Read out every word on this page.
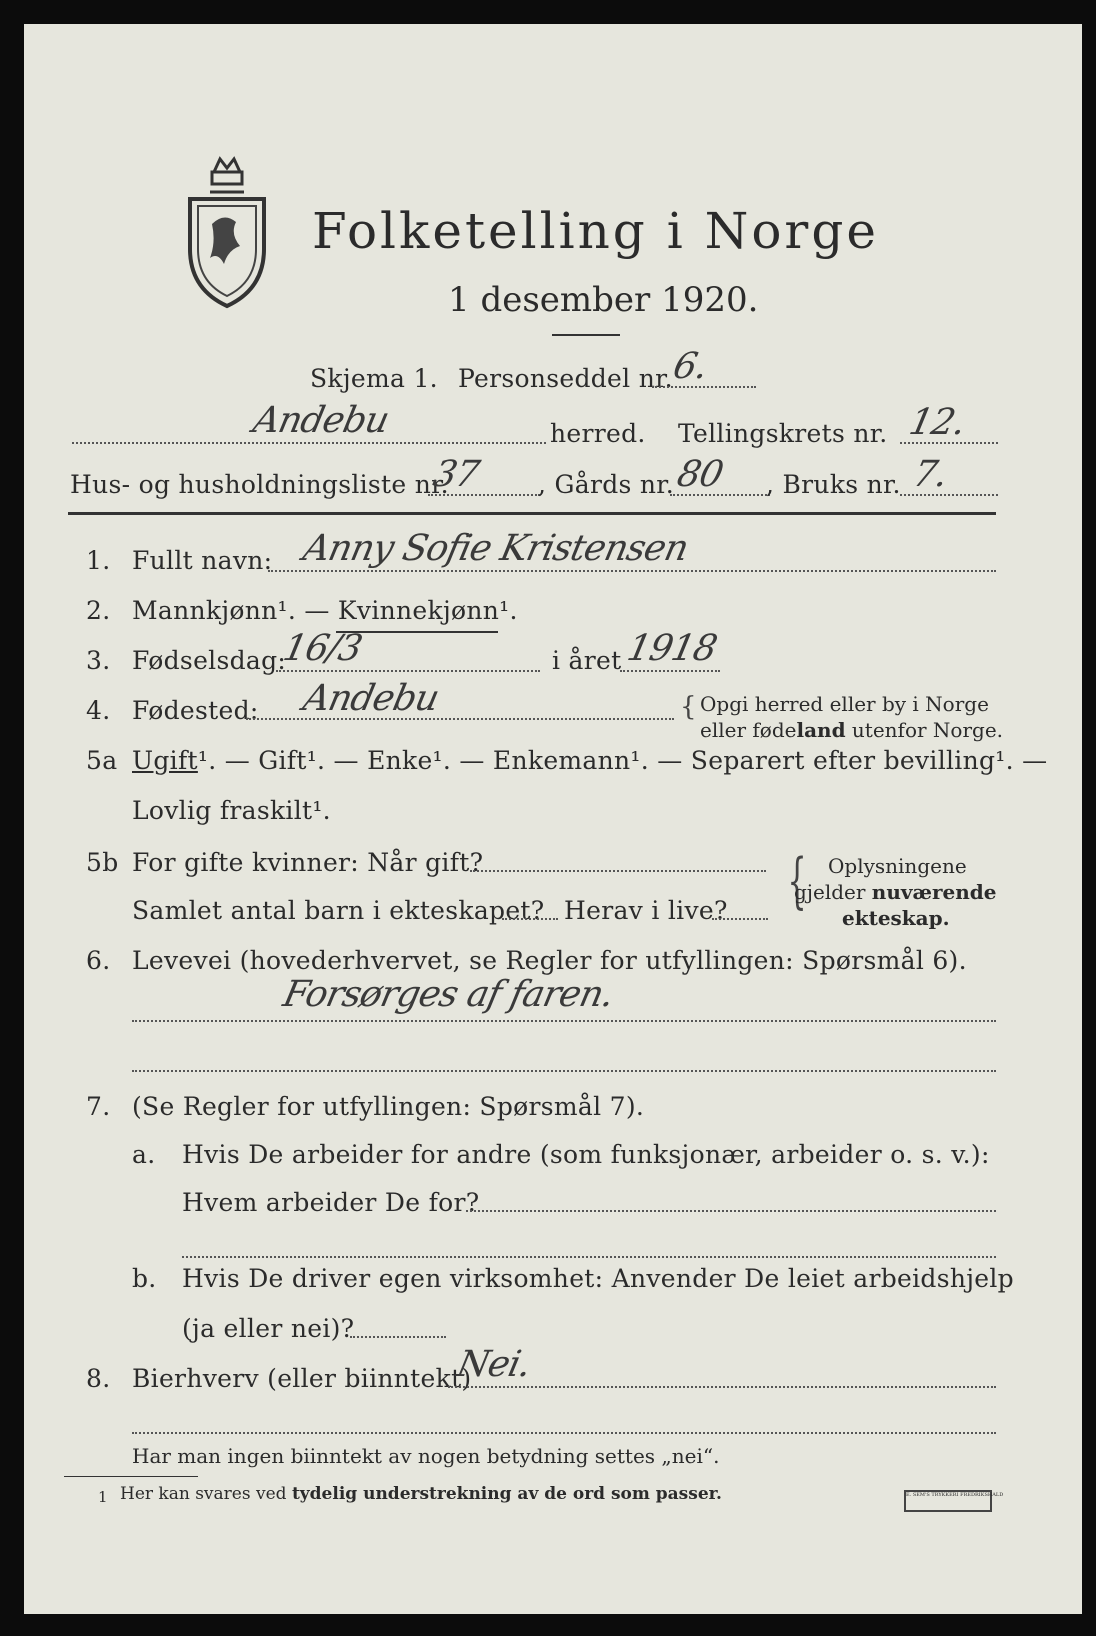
Folketelling i Norge
1 desember 1920.
Skjema 1. Personseddel nr.
6.
Andebu	herred. Tellingskrets nr. 12.
Hus- og husholdningsliste nr.
37 , Gårds nr. 80 , Bruks nr. 7.
1. Fullt navn: Anny Sofie Kristensen
2. Mannkjønn¹. — Kvinnekjønn¹.
3. Fødselsdag:
16/3	i året 1918
4. Fødested: Andebu	{ Opgi herred eller by i Norge
eller fødeland utenfor Norge.
5a Ugift¹. — Gift¹. — Enke¹. — Enkemann¹. — Separert efter bevilling¹. —
Lovlig fraskilt¹.
5b For gifte kvinner: Når gift?
Samlet antal barn i ekteskapet? Herav i live? { Oplysningene
gjelder nuværende
ekteskap.
6. Levevei (hovederhvervet, se Regler for utfyllingen: Spørsmål 6).
Forsørges af faren.
7. (Se Regler for utfyllingen: Spørsmål 7).
a. Hvis De arbeider for andre (som funksjonær, arbeider o. s. v.):
Hvem arbeider De for?
b. Hvis De driver egen virksomhet: Anvender De leiet arbeidshjelp
(ja eller nei)?
8. Bierhverv (eller biinntekt)
Nei.
Har man ingen biinntekt av nogen betydning settes „nei“.
1 Her kan svares ved tydelig understrekning av de ord som passer.	E. SEM'S TRYKKERI FREDRIKSHALD
